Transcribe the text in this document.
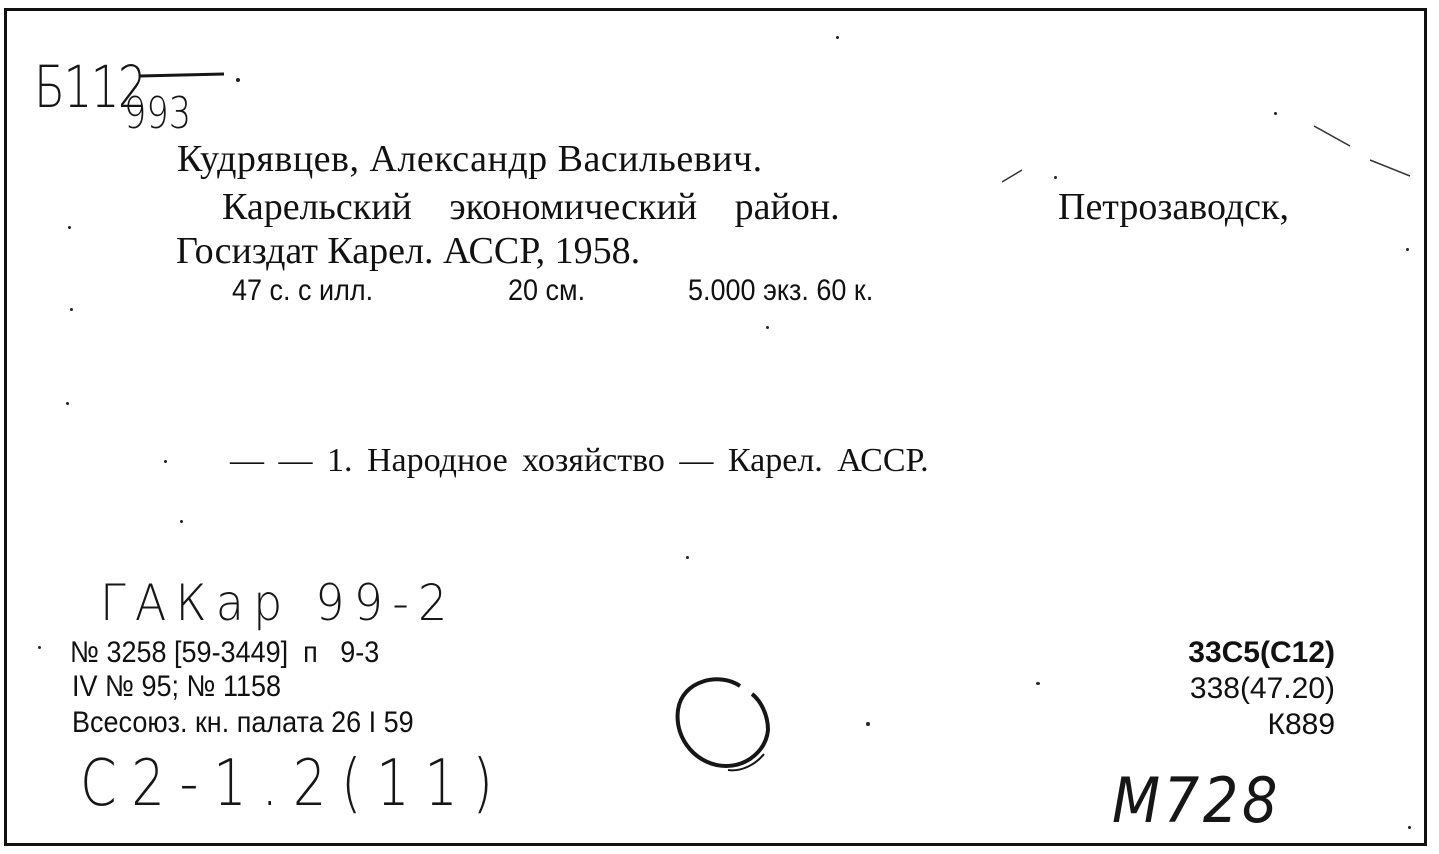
Б112
993
Кудрявцев, Александр Васильевич.
Карельский экономический район.	Петрозаводск,
Госиздат Карел. АССР, 1958.
47 с. с илл.	20 см.	5.000 экз. 60 к.
— — 1. Народное хозяйство — Карел. АССР.
ГАКар 99-2
№ 3258 [59-3449]  п   9-3
IV № 95; № 1158
Всесоюз. кн. палата 26 I 59
33С5(С12)
338(47.20)
К889
С2-1.2(11)	М728
